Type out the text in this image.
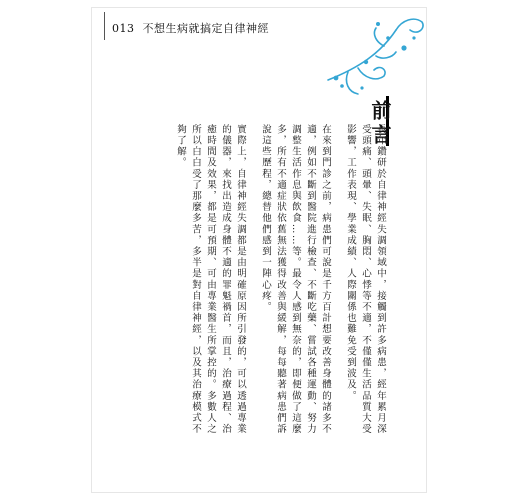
013 不想生病就搞定自律神經
前言

長年鑽研於自律神經失調領域中，接觸到許多病患，經年累月深受頭痛、頭暈、失眠、胸悶、心悸等不適，不僅僅生活品質大受影響，工作表現、學業成績、人際關係也難免受到波及。

在來到門診之前，病患們可說是千方百計想要改善身體的諸多不適，例如不斷到醫院進行檢查、不斷吃藥、嘗試各種運動、努力調整生活作息與飲食……等。最令人感到無奈的，即便做了這麼多，所有不適症狀依舊無法獲得改善與緩解，每每聽著病患們訴說這些歷程，總替他們感到一陣心疼。

實際上，自律神經失調都是由明確原因所引發的，可以透過專業的儀器，來找出造成身體不適的罪魁禍首，而且，治療過程、治癒時間及效果，都是可預期、可由專業醫生所掌控的。多數人之所以白白受了那麼多苦，多半是對自律神經，以及其治療模式不夠了解。
